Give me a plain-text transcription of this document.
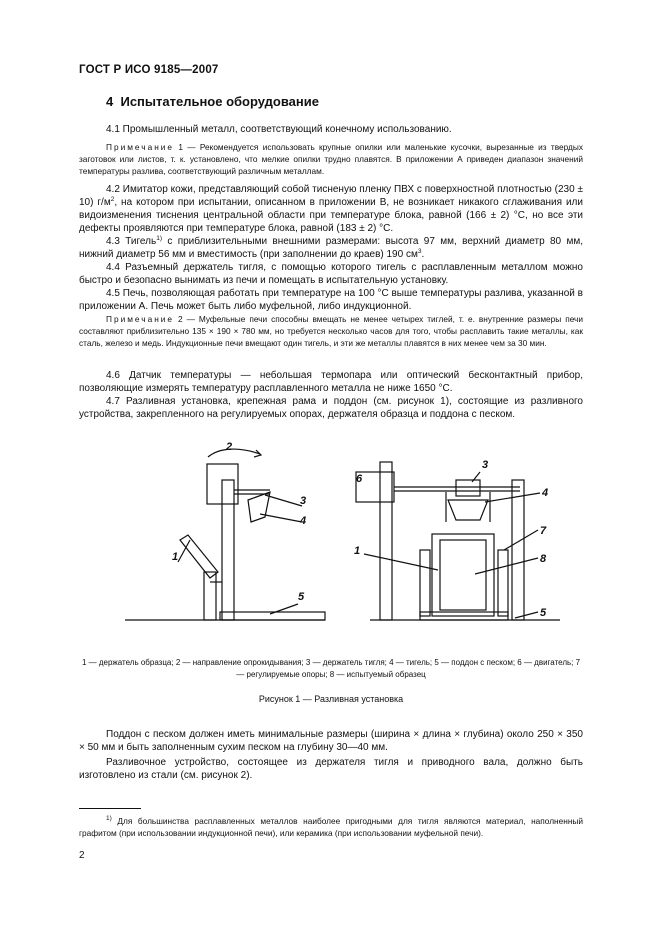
ГОСТ Р ИСО 9185—2007
4 Испытательное оборудование
4.1 Промышленный металл, соответствующий конечному использованию.
Примечание 1 — Рекомендуется использовать крупные опилки или маленькие кусочки, вырезанные из твердых заготовок или листов, т. к. установлено, что мелкие опилки трудно плавятся. В приложении А приведен диапазон значений температуры разлива, соответствующий различным металлам.
4.2 Имитатор кожи, представляющий собой тисненую пленку ПВХ с поверхностной плотностью (230 ± 10) $г/м^2$, на котором при испытании, описанном в приложении В, не возникает никакого сглаживания или видоизменения тиснения центральной области при температуре блока, равной (166 ± 2) °С, но все эти дефекты проявляются при температуре блока, равной (183 ± 2) °С.
4.3 Тигель$^{1)}$ с приблизительными внешними размерами: высота 97 мм, верхний диаметр 80 мм, нижний диаметр 56 мм и вместимость (при заполнении до краев) 190 $см^3$.
4.4 Разъемный держатель тигля, с помощью которого тигель с расплавленным металлом можно быстро и безопасно вынимать из печи и помещать в испытательную установку.
4.5 Печь, позволяющая работать при температуре на 100 °С выше температуры разлива, указанной в приложении А. Печь может быть либо муфельной, либо индукционной.
Примечание 2 — Муфельные печи способны вмещать не менее четырех тиглей, т. е. внутренние размеры печи составляют приблизительно 135 × 190 × 780 мм, но требуется несколько часов для того, чтобы расплавить такие металлы, как сталь, железо и медь. Индукционные печи вмещают один тигель, и эти же металлы плавятся в них менее чем за 30 мин.
4.6 Датчик температуры — небольшая термопара или оптический бесконтактный прибор, позволяющие измерять температуру расплавленного металла не ниже 1650 °С.
4.7 Разливная установка, крепежная рама и поддон (см. рисунок 1), состоящие из разливного устройства, закрепленного на регулируемых опорах, держателя образца и поддона с песком.
2
1
3
4
5
6
1
3
4
7
8
5
1 — держатель образца; 2 — направление опрокидывания; 3 — держатель тигля; 4 — тигель; 5 — поддон с песком; 6 — двигатель; 7 — регулируемые опоры; 8 — испытуемый образец
Рисунок 1 — Разливная установка
Поддон с песком должен иметь минимальные размеры (ширина × длина × глубина) около 250 × 350 × 50 мм и быть заполненным сухим песком на глубину 30—40 мм.
Разливочное устройство, состоящее из держателя тигля и приводного вала, должно быть изготовлено из стали (см. рисунок 2).
$^{1)}$ Для большинства расплавленных металлов наиболее пригодными для тигля являются материал, наполненный графитом (при использовании индукционной печи), или керамика (при использовании муфельной печи).
2
